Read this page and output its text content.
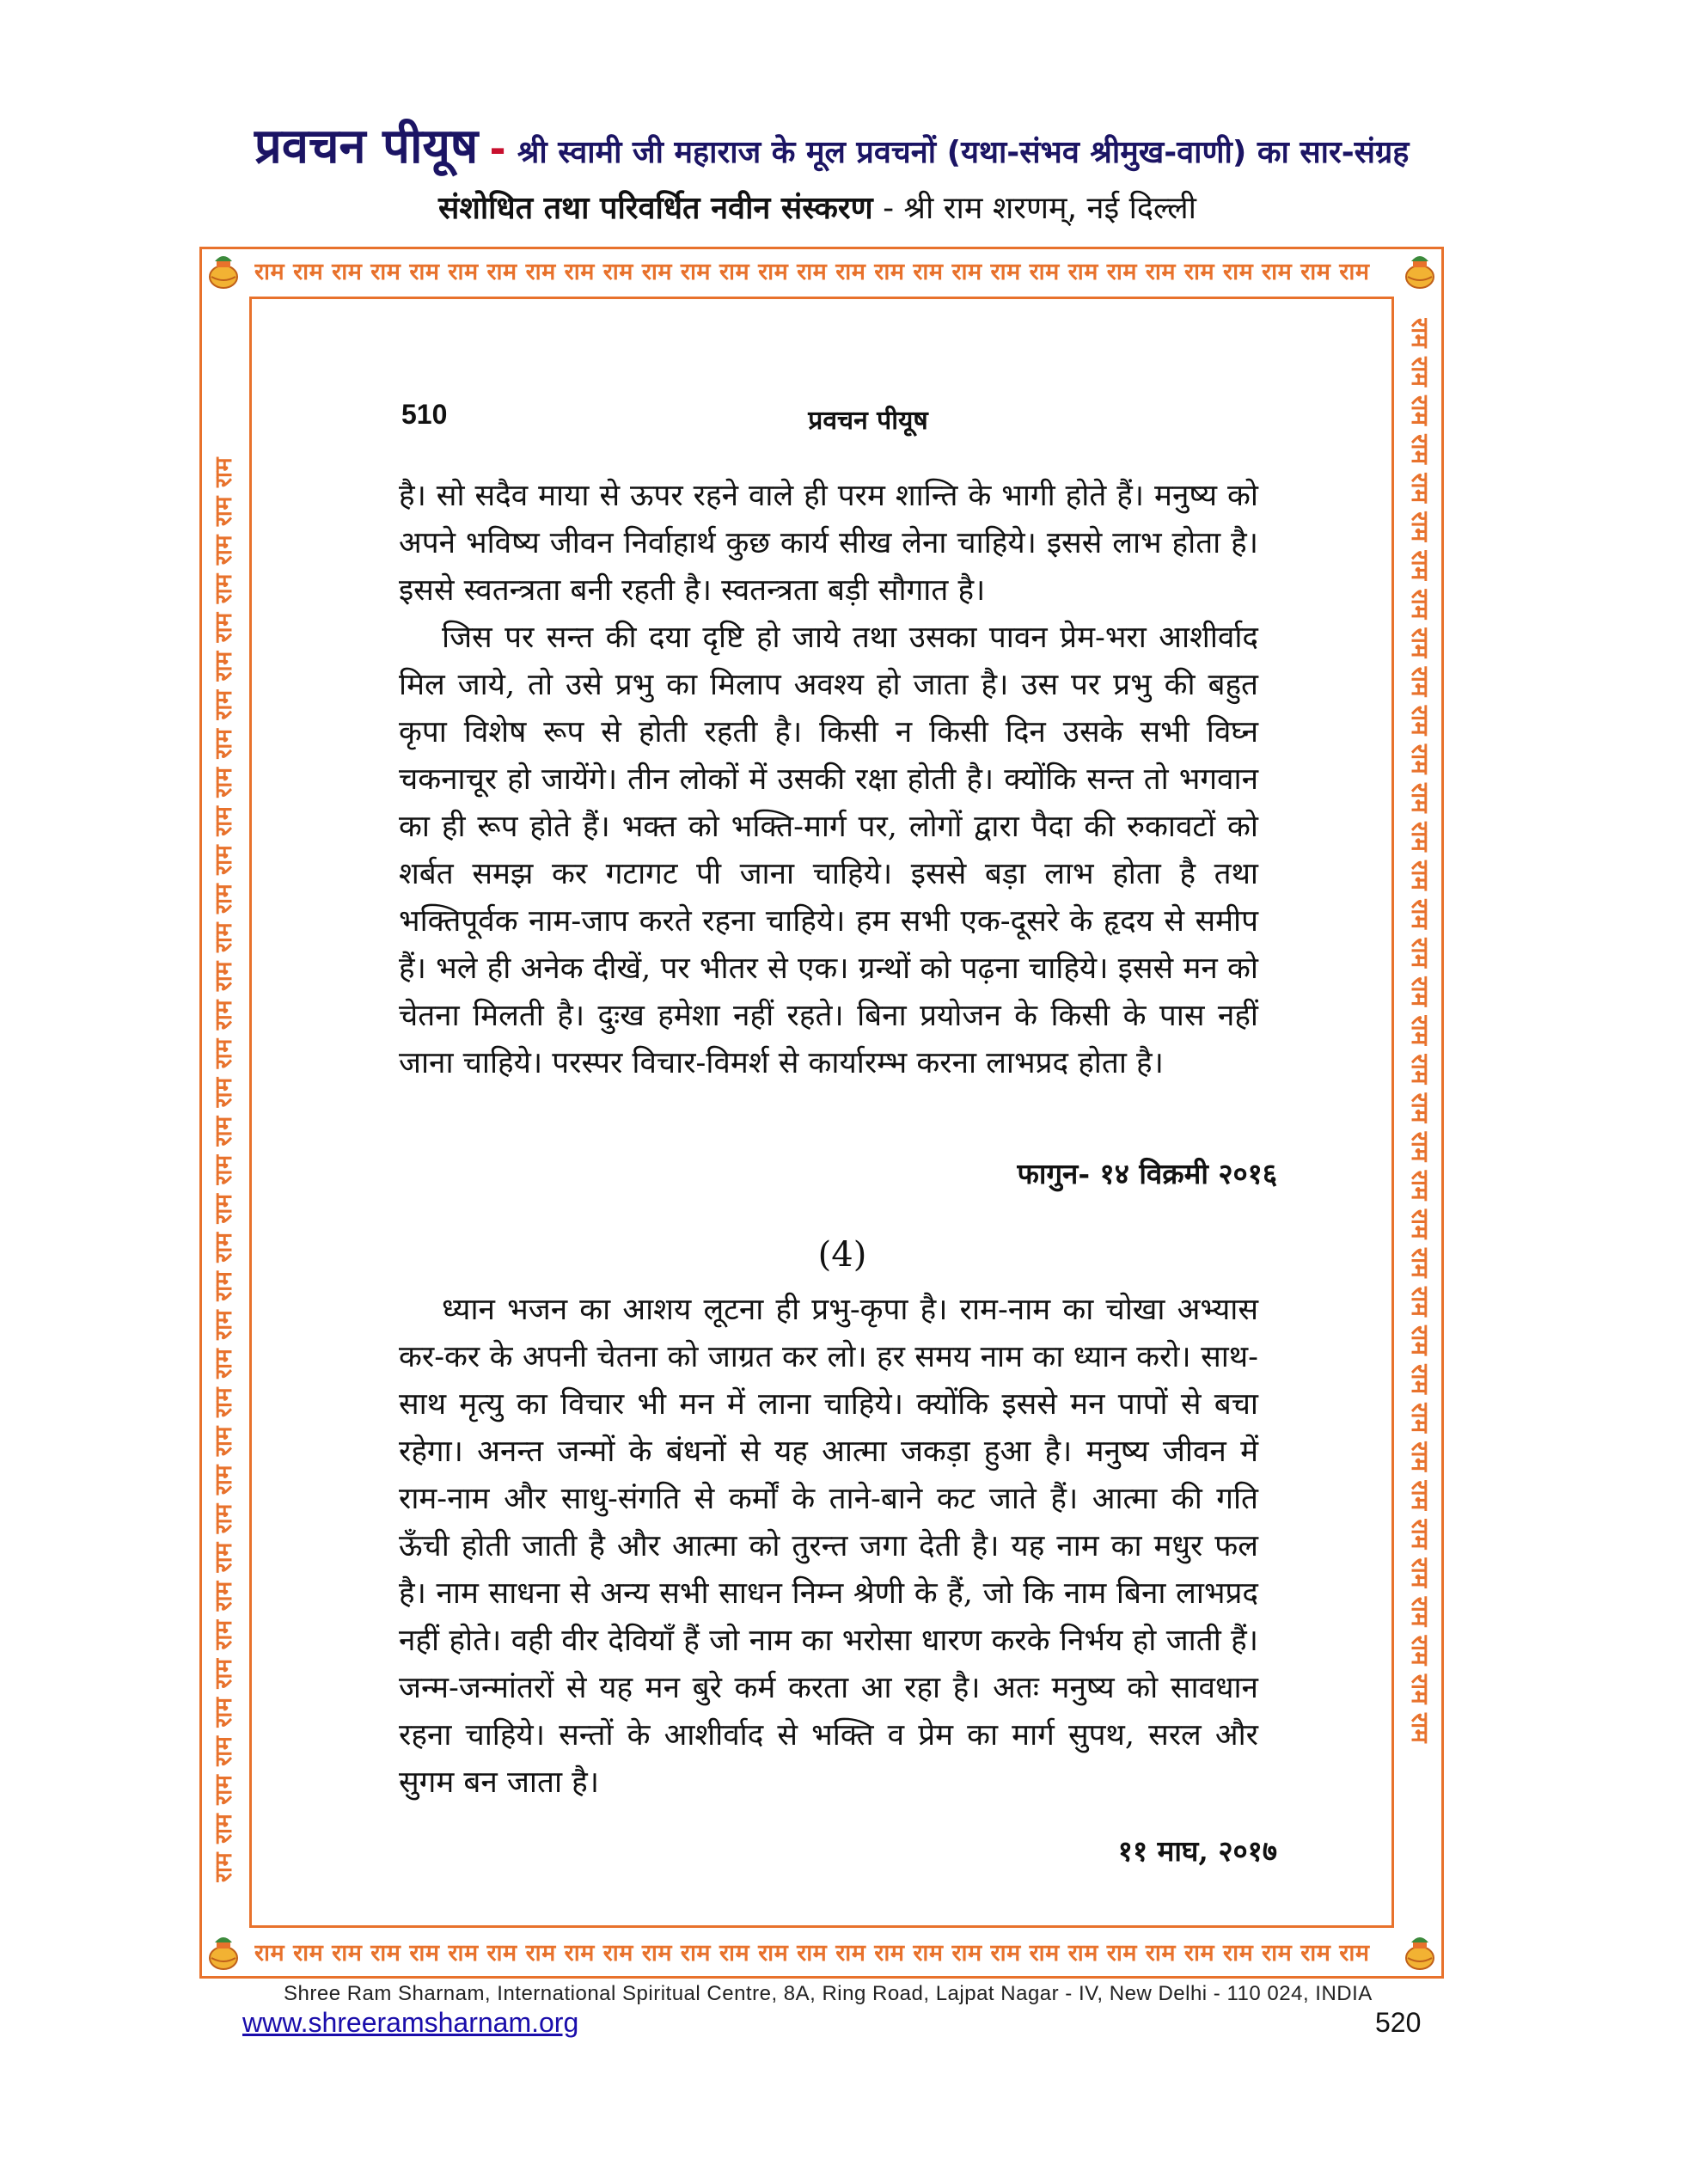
प्रवचन पीयूष - श्री स्वामी जी महाराज के मूल प्रवचनों (यथा-संभव श्रीमुख-वाणी) का सार-संग्रह
संशोधित तथा परिवर्धित नवीन संस्करण - श्री राम शरणम्, नई दिल्ली
राम राम राम राम राम राम राम राम राम राम राम राम राम राम राम राम राम राम राम राम राम राम राम राम राम राम राम राम राम
राम राम राम राम राम राम राम राम राम राम राम राम राम राम राम राम राम राम राम राम राम राम राम राम राम राम राम राम राम
राम राम राम राम राम राम राम राम राम राम राम राम राम राम राम राम राम राम राम राम राम राम राम राम राम राम राम राम राम राम राम राम राम राम राम राम राम	राम राम राम राम राम राम राम राम राम राम राम राम राम राम राम राम राम राम राम राम राम राम राम राम राम राम राम राम राम राम राम राम राम राम राम राम राम
510	प्रवचन पीयूष
है। सो सदैव माया से ऊपर रहने वाले ही परम शान्ति के भागी होते हैं। मनुष्य को अपने भविष्य जीवन निर्वाहार्थ कुछ कार्य सीख लेना चाहिये। इससे लाभ होता है। इससे स्वतन्त्रता बनी रहती है। स्वतन्त्रता बड़ी सौगात है।
जिस पर सन्त की दया दृष्टि हो जाये तथा उसका पावन प्रेम-भरा आशीर्वाद मिल जाये, तो उसे प्रभु का मिलाप अवश्य हो जाता है। उस पर प्रभु की बहुत कृपा विशेष रूप से होती रहती है। किसी न किसी दिन उसके सभी विघ्न चकनाचूर हो जायेंगे। तीन लोकों में उसकी रक्षा होती है। क्योंकि सन्त तो भगवान का ही रूप होते हैं। भक्त को भक्ति-मार्ग पर, लोगों द्वारा पैदा की रुकावटों को शर्बत समझ कर गटागट पी जाना चाहिये। इससे बड़ा लाभ होता है तथा भक्तिपूर्वक नाम-जाप करते रहना चाहिये। हम सभी एक-दूसरे के हृदय से समीप हैं। भले ही अनेक दीखें, पर भीतर से एक। ग्रन्थों को पढ़ना चाहिये। इससे मन को चेतना मिलती है। दुःख हमेशा नहीं रहते। बिना प्रयोजन के किसी के पास नहीं जाना चाहिये। परस्पर विचार-विमर्श से कार्यारम्भ करना लाभप्रद होता है।
फागुन- १४ विक्रमी २०१६
(4)
ध्यान भजन का आशय लूटना ही प्रभु-कृपा है। राम-नाम का चोखा अभ्यास कर-कर के अपनी चेतना को जाग्रत कर लो। हर समय नाम का ध्यान करो। साथ-साथ मृत्यु का विचार भी मन में लाना चाहिये। क्योंकि इससे मन पापों से बचा रहेगा। अनन्त जन्मों के बंधनों से यह आत्मा जकड़ा हुआ है। मनुष्य जीवन में राम-नाम और साधु-संगति से कर्मों के ताने-बाने कट जाते हैं। आत्मा की गति ऊँची होती जाती है और आत्मा को तुरन्त जगा देती है। यह नाम का मधुर फल है। नाम साधना से अन्य सभी साधन निम्न श्रेणी के हैं, जो कि नाम बिना लाभप्रद नहीं होते। वही वीर देवियाँ हैं जो नाम का भरोसा धारण करके निर्भय हो जाती हैं। जन्म-जन्मांतरों से यह मन बुरे कर्म करता आ रहा है। अतः मनुष्य को सावधान रहना चाहिये। सन्तों के आशीर्वाद से भक्ति व प्रेम का मार्ग सुपथ, सरल और सुगम बन जाता है।
११ माघ, २०१७
Shree Ram Sharnam, International Spiritual Centre, 8A, Ring Road, Lajpat Nagar - IV, New Delhi - 110 024, INDIA
www.shreeramsharnam.org	520
